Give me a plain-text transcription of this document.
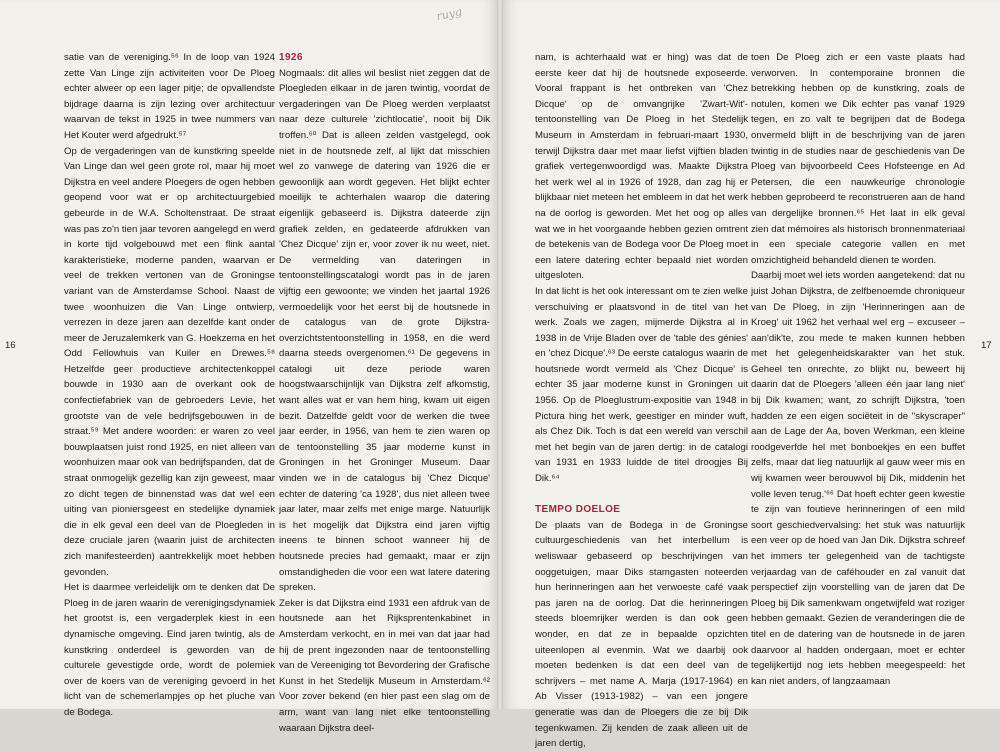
satie van de vereniging.⁵⁶ In de loop van 1924 zette Van Linge zijn activiteiten voor De Ploeg echter alweer op een lager pitje; de opvallendste bijdrage daarna is zijn lezing over architectuur waarvan de tekst in 1925 in twee nummers van Het Kouter werd afgedrukt.⁵⁷

Op de vergaderingen van de kunstkring speelde Van Linge dan wel geen grote rol, maar hij moet Dijkstra en veel andere Ploegers de ogen hebben geopend voor wat er op architectuurgebied gebeurde in de W.A. Scholtenstraat. De straat was pas zo'n tien jaar tevoren aangelegd en werd in korte tijd volgebouwd met een flink aantal karakteristieke, moderne panden, waarvan er veel de trekken vertonen van de Groningse variant van de Amsterdamse School. Naast de twee woonhuizen die Van Linge ontwierp, verrezen in deze jaren aan dezelfde kant onder meer de Jeruzalemkerk van G. Hoekzema en het Odd Fellowhuis van Kuiler en Drewes.⁵⁸ Hetzelfde geer productieve architectenkoppel bouwde in 1930 aan de overkant ook de confectiefabriek van de gebroeders Levie, het grootste van de vele bedrijfsgebouwen in de straat.⁵⁹ Met andere woorden: er waren zo veel bouwplaatsen juist rond 1925, en niet alleen van woonhuizen maar ook van bedrijfspanden, dat de straat onmogelijk gezellig kan zijn geweest, maar zo dicht tegen de binnenstad was dat wel een uiting van pioniersgeest en stedelijke dynamiek die in elk geval een deel van de Ploegleden in deze cruciale jaren (waarin juist de architecten zich manifesteerden) aantrekkelijk moet hebben gevonden.

Het is daarmee verleidelijk om te denken dat De Ploeg in de jaren waarin de verenigingsdynamiek het grootst is, een vergaderplek kiest in een dynamische omgeving. Eind jaren twintig, als de kunstkring onderdeel is geworden van de culturele gevestigde orde, wordt de polemiek over de koers van de vereniging gevoerd in het licht van de schemerlampjes op het pluche van de Bodega.

1926

Nogmaals: dit alles wil beslist niet zeggen dat de Ploegleden elkaar in de jaren twintig, voordat de vergaderingen van De Ploeg werden verplaatst naar deze culturele 'zichtlocatie', nooit bij Dik troffen.⁶⁰ Dat is alleen zelden vastgelegd, ook niet in de houtsnede zelf, al lijkt dat misschien wel zo vanwege de datering van 1926 die er gewoonlijk aan wordt gegeven. Het blijkt echter moeilijk te achterhalen waarop die datering eigenlijk gebaseerd is. Dijkstra dateerde zijn grafiek zelden, en gedateerde afdrukken van 'Chez Dicque' zijn er, voor zover ik nu weet, niet. De vermelding van dateringen in tentoonstellingscatalogi wordt pas in de jaren vijftig een gewoonte; we vinden het jaartal 1926 vermoedelijk voor het eerst bij de houtsnede in de catalogus van de grote Dijkstra-overzichtstentoonstelling in 1958, en die werd daarna steeds overgenomen.⁶¹ De gegevens in catalogi uit deze periode waren hoogstwaarschijnlijk van Dijkstra zelf afkomstig, want alles wat er van hem hing, kwam uit eigen bezit. Datzelfde geldt voor de werken die twee jaar eerder, in 1956, van hem te zien waren op de tentoonstelling 35 jaar moderne kunst in Groningen in het Groninger Museum. Daar vinden we in de catalogus bij 'Chez Dicque' echter de datering 'ca 1928', dus niet alleen twee jaar later, maar zelfs met enige marge. Natuurlijk is het mogelijk dat Dijkstra eind jaren vijftig ineens te binnen schoot wanneer hij de houtsnede precies had gemaakt, maar er zijn omstandigheden die voor een wat latere datering spreken.

Zeker is dat Dijkstra eind 1931 een afdruk van de houtsnede aan het Rijksprentenkabinet in Amsterdam verkocht, en in mei van dat jaar had hij de prent ingezonden naar de tentoonstelling van de Vereeniging tot Bevordering der Grafische Kunst in het Stedelijk Museum in Amsterdam.⁶² Voor zover bekend (en hier past een slag om de arm, want van lang niet elke tentoonstelling waaraan Dijkstra deel-

16
ruyg

nam, is achterhaald wat er hing) was dat de eerste keer dat hij de houtsnede exposeerde. Vooral frappant is het ontbreken van 'Chez Dicque' op de omvangrijke 'Zwart-Wit'-tentoonstelling van De Ploeg in het Stedelijk Museum in Amsterdam in februari-maart 1930, terwijl Dijkstra daar met maar liefst vijftien bladen grafiek vertegenwoordigd was. Maakte Dijkstra het werk wel al in 1926 of 1928, dan zag hij er blijkbaar niet meteen het embleem in dat het werk na de oorlog is geworden. Met het oog op alles wat we in het voorgaande hebben gezien omtrent de betekenis van de Bodega voor De Ploeg moet een latere datering echter bepaald niet worden uitgesloten.

In dat licht is het ook interessant om te zien welke verschuiving er plaatsvond in de titel van het werk. Zoals we zagen, mijmerde Dijkstra al in 1938 in de Vrije Bladen over de 'table des génies' en 'chez Dicque'.⁶³ De eerste catalogus waarin de houtsnede wordt vermeld als 'Chez Dicque' is echter 35 jaar moderne kunst in Groningen uit 1956. Op de Ploeglustrum-expositie van 1948 in Pictura hing het werk, geestiger en minder wuft, als Chez Dik. Toch is dat een wereld van verschil met het begin van de jaren dertig: in de catalogi van 1931 en 1933 luidde de titel droogjes Bij Dik.⁶⁴

TEMPO DOELOE

De plaats van de Bodega in de Groningse cultuurgeschiedenis van het interbellum is weliswaar gebaseerd op beschrijvingen van ooggetuigen, maar Diks stamgasten noteerden hun herinneringen aan het verwoeste café vaak pas jaren na de oorlog. Dat die herinneringen steeds bloemrijker werden is dan ook geen wonder, en dat ze in bepaalde opzichten uiteenlopen al evenmin. Wat we daarbij ook moeten bedenken is dat een deel van de schrijvers – met name A. Marja (1917-1964) en Ab Visser (1913-1982) – van een jongere generatie was dan de Ploegers die ze bij Dik tegenkwamen. Zij kenden de zaak alleen uit de jaren dertig,

toen De Ploeg zich er een vaste plaats had verworven. In contemporaine bronnen die betrekking hebben op de kunstkring, zoals de notulen, komen we Dik echter pas vanaf 1929 tegen, en zo valt te begrijpen dat de Bodega onvermeld blijft in de beschrijving van de jaren twintig in de studies naar de geschiedenis van De Ploeg van bijvoorbeeld Cees Hofsteenge en Ad Petersen, die een nauwkeurige chronologie hebben geprobeerd te reconstrueren aan de hand van dergelijke bronnen.⁶⁵ Het laat in elk geval zien dat mémoires als historisch bronnenmateriaal in een speciale categorie vallen en met omzichtigheid behandeld dienen te worden.

Daarbij moet wel iets worden aangetekend: dat nu juist Johan Dijkstra, de zelfbenoemde chroniqueur van De Ploeg, in zijn 'Herinneringen aan de Kroeg' uit 1962 het verhaal wel erg – excuseer – aan'dik'te, zou mede te maken kunnen hebben met het gelegenheidskarakter van het stuk. Geheel ten onrechte, zo blijkt nu, beweert hij daarin dat de Ploegers 'alleen één jaar lang niet' bij Dik kwamen; want, zo schrijft Dijkstra, 'toen hadden ze een eigen sociëteit in de "skyscraper" aan de Lage der Aa, boven Werkman, een kleine roodgeverfde hel met bonboekjes en een buffet zelfs, maar dat lieg natuurlijk al gauw weer mis en wij kwamen weer berouwvol bij Dik, middenin het volle leven terug.'⁶⁶ Dat hoeft echter geen kwestie te zijn van foutieve herinneringen of een mild soort geschiedvervalsing: het stuk was natuurlijk een veer op de hoed van Jan Dik. Dijkstra schreef het immers ter gelegenheid van de tachtigste verjaardag van de caféhouder en zal vanuit dat perspectief zijn voorstelling van de jaren dat De Ploeg bij Dik samenkwam ongetwijfeld wat roziger hebben gemaakt. Gezien de veranderingen die de titel en de datering van de houtsnede in de jaren daarvoor al hadden ondergaan, moet er echter tegelijkertijd nog iets hebben meegespeeld: het kan niet anders, of langzaamaan

17
